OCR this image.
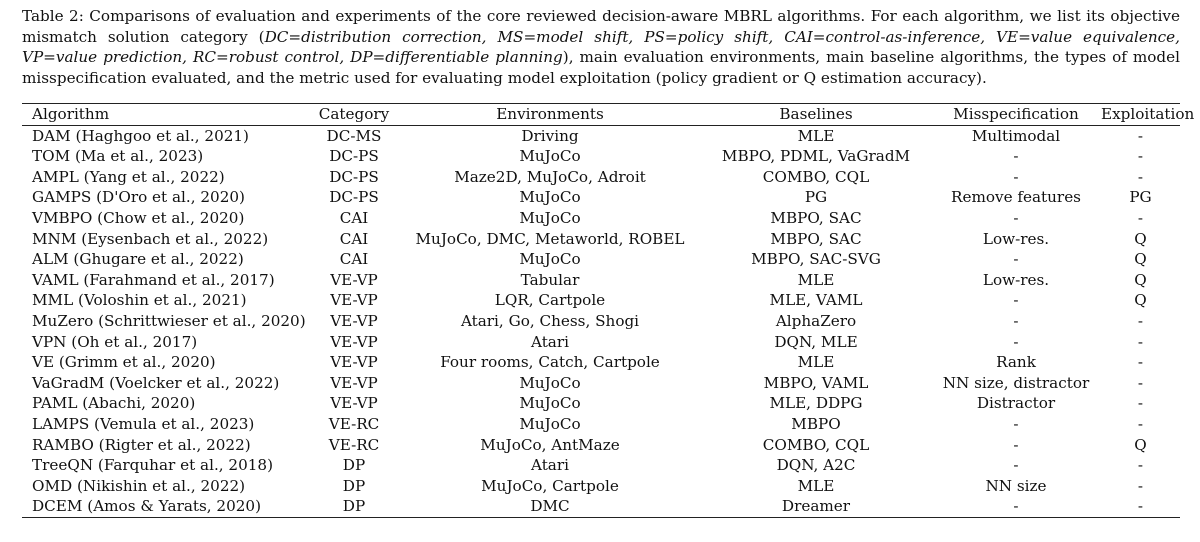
Table 2: Comparisons of evaluation and experiments of the core reviewed decision-aware MBRL algorithms. For each algorithm, we list its objective mismatch solution category (DC=distribution correction, MS=model shift, PS=policy shift, CAI=control-as-inference, VE=value equivalence, VP=value prediction, RC=robust control, DP=differentiable planning), main evaluation environments, main baseline algorithms, the types of model misspecification evaluated, and the metric used for evaluating model exploitation (policy gradient or Q estimation accuracy).
Algorithm	Category	Environments	Baselines	Misspecification	Exploitation
DAM (Haghgoo et al., 2021)	DC-MS	Driving	MLE	Multimodal	-
TOM (Ma et al., 2023)	DC-PS	MuJoCo	MBPO, PDML, VaGradM	-	-
AMPL (Yang et al., 2022)	DC-PS	Maze2D, MuJoCo, Adroit	COMBO, CQL	-	-
GAMPS (D'Oro et al., 2020)	DC-PS	MuJoCo	PG	Remove features	PG
VMBPO (Chow et al., 2020)	CAI	MuJoCo	MBPO, SAC	-	-
MNM (Eysenbach et al., 2022)	CAI	MuJoCo, DMC, Metaworld, ROBEL	MBPO, SAC	Low-res.	Q
ALM (Ghugare et al., 2022)	CAI	MuJoCo	MBPO, SAC-SVG	-	Q
VAML (Farahmand et al., 2017)	VE-VP	Tabular	MLE	Low-res.	Q
MML (Voloshin et al., 2021)	VE-VP	LQR, Cartpole	MLE, VAML	-	Q
MuZero (Schrittwieser et al., 2020)	VE-VP	Atari, Go, Chess, Shogi	AlphaZero	-	-
VPN (Oh et al., 2017)	VE-VP	Atari	DQN, MLE	-	-
VE (Grimm et al., 2020)	VE-VP	Four rooms, Catch, Cartpole	MLE	Rank	-
VaGradM (Voelcker et al., 2022)	VE-VP	MuJoCo	MBPO, VAML	NN size, distractor	-
PAML (Abachi, 2020)	VE-VP	MuJoCo	MLE, DDPG	Distractor	-
LAMPS (Vemula et al., 2023)	VE-RC	MuJoCo	MBPO	-	-
RAMBO (Rigter et al., 2022)	VE-RC	MuJoCo, AntMaze	COMBO, CQL	-	Q
TreeQN (Farquhar et al., 2018)	DP	Atari	DQN, A2C	-	-
OMD (Nikishin et al., 2022)	DP	MuJoCo, Cartpole	MLE	NN size	-
DCEM (Amos & Yarats, 2020)	DP	DMC	Dreamer	-	-
